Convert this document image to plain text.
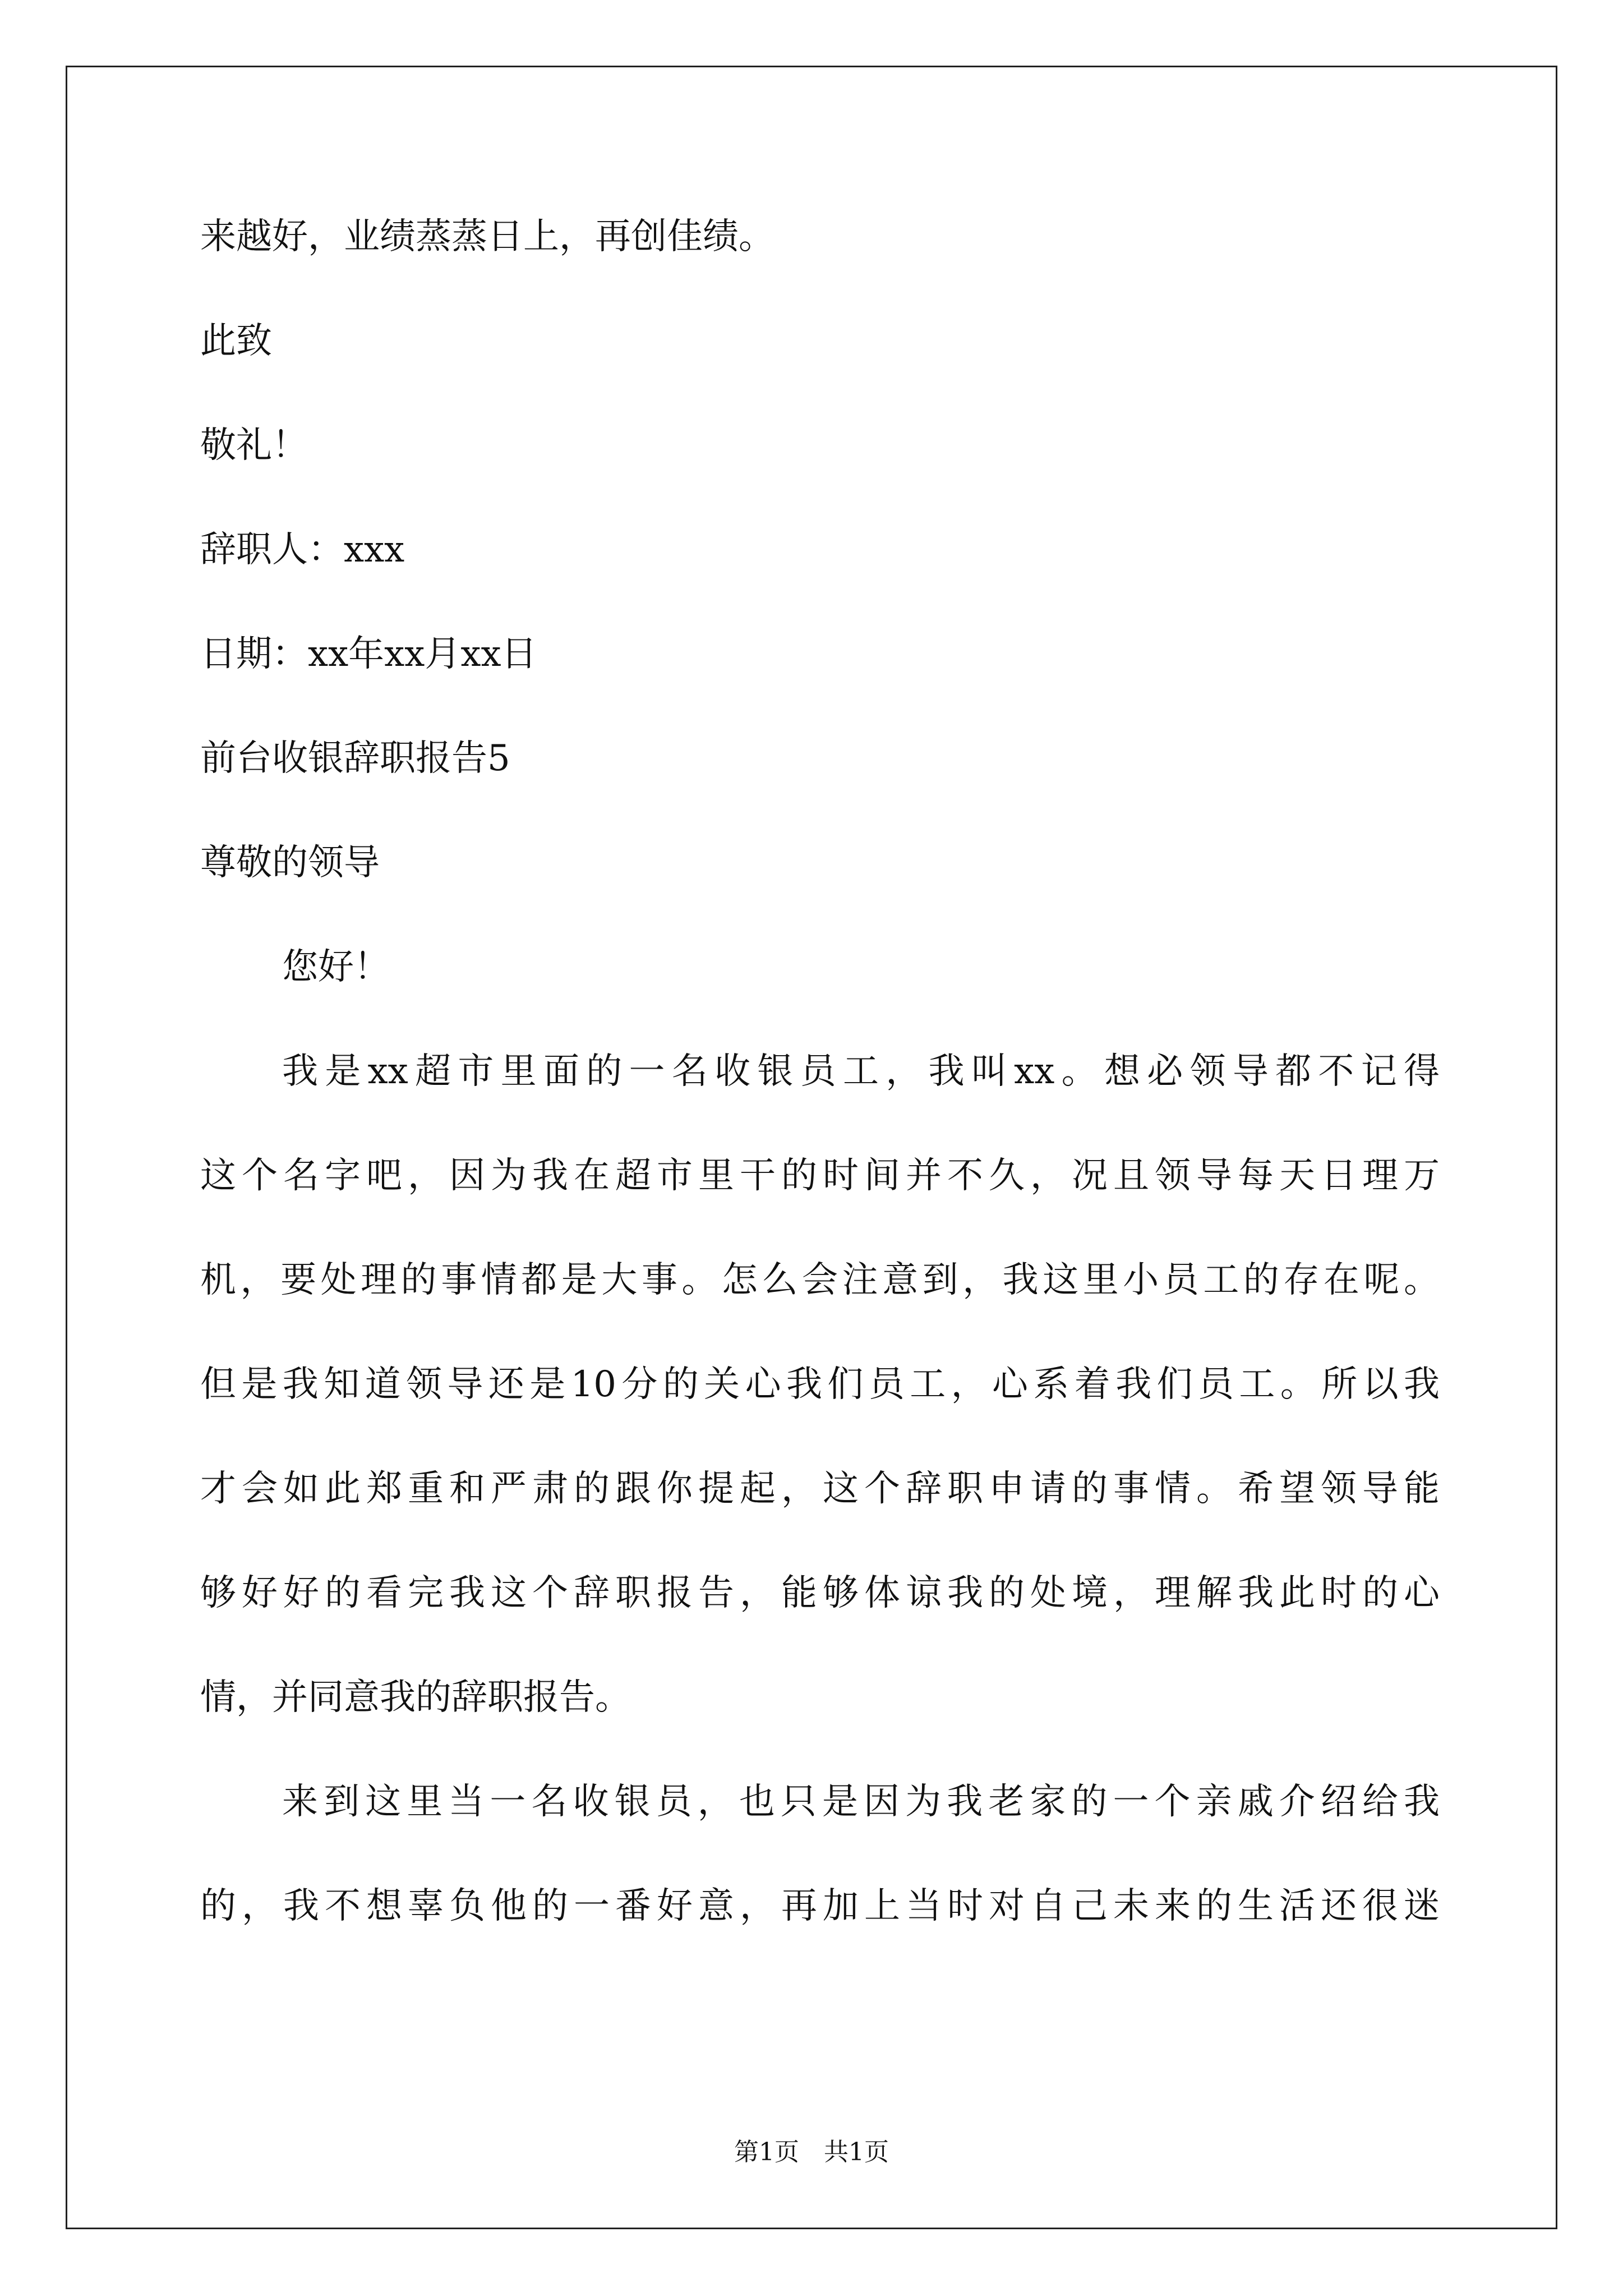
来越好，业绩蒸蒸日上，再创佳绩。

此致

敬礼！

辞职人：xxx

日期：xx年xx月xx日

前台收银辞职报告5

尊敬的领导

您好！

我是xx超市里面的一名收银员工，我叫xx。想必领导都不记得

这个名字吧，因为我在超市里干的时间并不久，况且领导每天日理万

机，要处理的事情都是大事。怎么会注意到，我这里小员工的存在呢。

但是我知道领导还是10分的关心我们员工，心系着我们员工。所以我

才会如此郑重和严肃的跟你提起，这个辞职申请的事情。希望领导能

够好好的看完我这个辞职报告，能够体谅我的处境，理解我此时的心

情，并同意我的辞职报告。

来到这里当一名收银员，也只是因为我老家的一个亲戚介绍给我

的，我不想辜负他的一番好意，再加上当时对自己未来的生活还很迷

第1页　共1页
